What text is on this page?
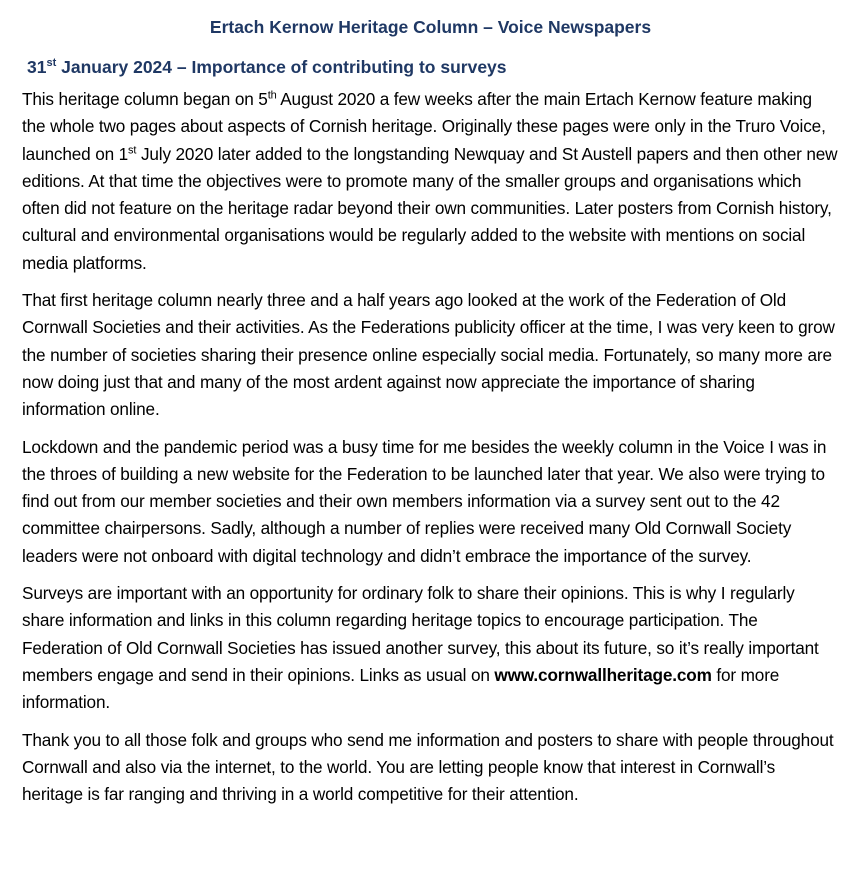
Ertach Kernow Heritage Column – Voice Newspapers
31st January 2024 – Importance of contributing to surveys

This heritage column began on 5th August 2020 a few weeks after the main Ertach Kernow feature making the whole two pages about aspects of Cornish heritage. Originally these pages were only in the Truro Voice, launched on 1st July 2020 later added to the longstanding Newquay and St Austell papers and then other new editions. At that time the objectives were to promote many of the smaller groups and organisations which often did not feature on the heritage radar beyond their own communities. Later posters from Cornish history, cultural and environmental organisations would be regularly added to the website with mentions on social media platforms.

That first heritage column nearly three and a half years ago looked at the work of the Federation of Old Cornwall Societies and their activities. As the Federations publicity officer at the time, I was very keen to grow the number of societies sharing their presence online especially social media. Fortunately, so many more are now doing just that and many of the most ardent against now appreciate the importance of sharing information online.

Lockdown and the pandemic period was a busy time for me besides the weekly column in the Voice I was in the throes of building a new website for the Federation to be launched later that year. We also were trying to find out from our member societies and their own members information via a survey sent out to the 42 committee chairpersons. Sadly, although a number of replies were received many Old Cornwall Society leaders were not onboard with digital technology and didn’t embrace the importance of the survey.

Surveys are important with an opportunity for ordinary folk to share their opinions. This is why I regularly share information and links in this column regarding heritage topics to encourage participation. The Federation of Old Cornwall Societies has issued another survey, this about its future, so it’s really important members engage and send in their opinions. Links as usual on www.cornwallheritage.com for more information.

Thank you to all those folk and groups who send me information and posters to share with people throughout Cornwall and also via the internet, to the world. You are letting people know that interest in Cornwall’s heritage is far ranging and thriving in a world competitive for their attention.
